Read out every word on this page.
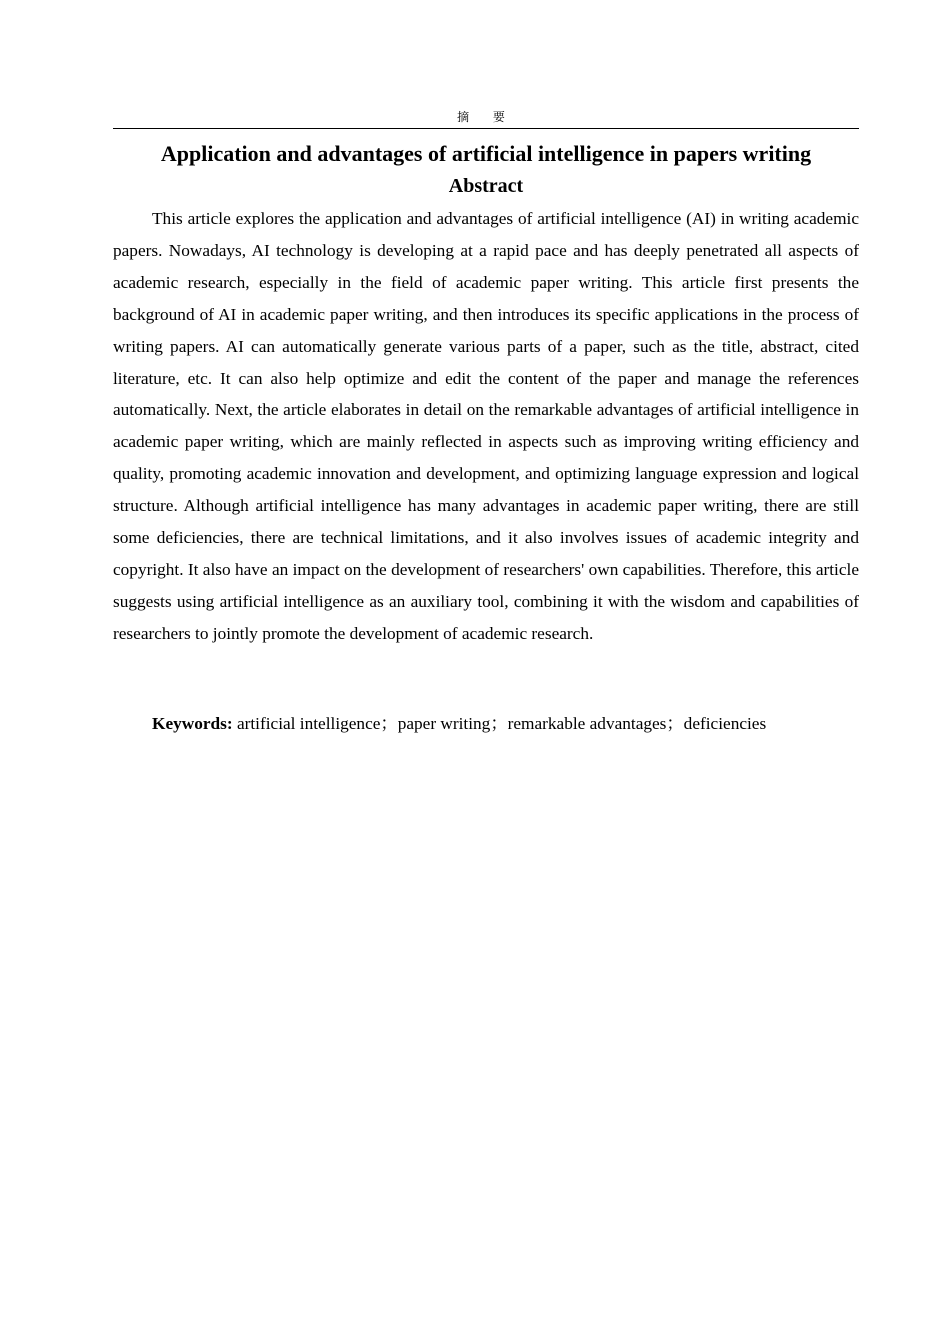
摘 要
Application and advantages of artificial intelligence in papers writing
Abstract

This article explores the application and advantages of artificial intelligence (AI) in writing academic papers. Nowadays, AI technology is developing at a rapid pace and has deeply penetrated all aspects of academic research, especially in the field of academic paper writing. This article first presents the background of AI in academic paper writing, and then introduces its specific applications in the process of writing papers. AI can automatically generate various parts of a paper, such as the title, abstract, cited literature, etc. It can also help optimize and edit the content of the paper and manage the references automatically. Next, the article elaborates in detail on the remarkable advantages of artificial intelligence in academic paper writing, which are mainly reflected in aspects such as improving writing efficiency and quality, promoting academic innovation and development, and optimizing language expression and logical structure. Although artificial intelligence has many advantages in academic paper writing, there are still some deficiencies, there are technical limitations, and it also involves issues of academic integrity and copyright. It also have an impact on the development of researchers' own capabilities. Therefore, this article suggests using artificial intelligence as an auxiliary tool, combining it with the wisdom and capabilities of researchers to jointly promote the development of academic research.

Keywords: artificial intelligence；paper writing；remarkable advantages；deficiencies
